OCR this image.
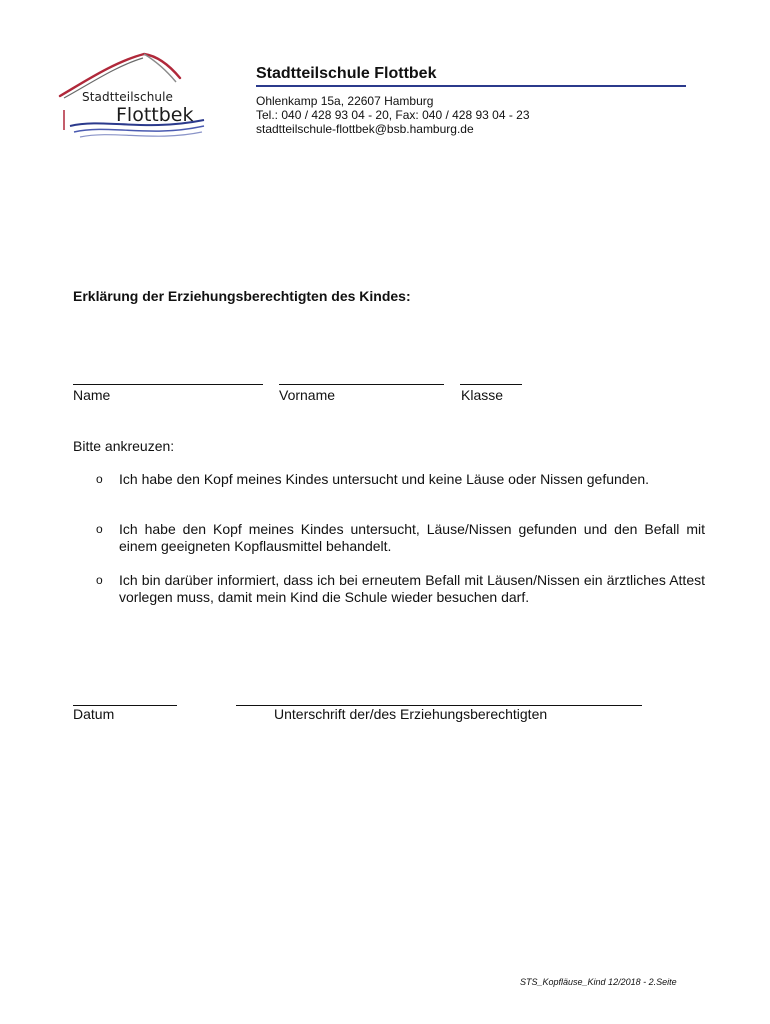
Stadtteilschule
Flottbek
Stadtteilschule Flottbek
Ohlenkamp 15a, 22607 Hamburg
Tel.: 040 / 428 93 04 - 20, Fax: 040 / 428 93 04 - 23
stadtteilschule-flottbek@bsb.hamburg.de
Erklärung der Erziehungsberechtigten des Kindes:
Name	Vorname	Klasse
Bitte ankreuzen:
o	Ich habe den Kopf meines Kindes untersucht und keine Läuse oder Nissen gefunden.
o	Ich habe den Kopf meines Kindes untersucht, Läuse/Nissen gefunden und den Befall mit einem geeigneten Kopflausmittel behandelt.
o	Ich bin darüber informiert, dass ich bei erneutem Befall mit Läusen/Nissen ein ärztliches Attest vorlegen muss, damit mein Kind die Schule wieder besuchen darf.
Datum	Unterschrift der/des Erziehungsberechtigten
STS_Kopfläuse_Kind 12/2018 - 2.Seite
